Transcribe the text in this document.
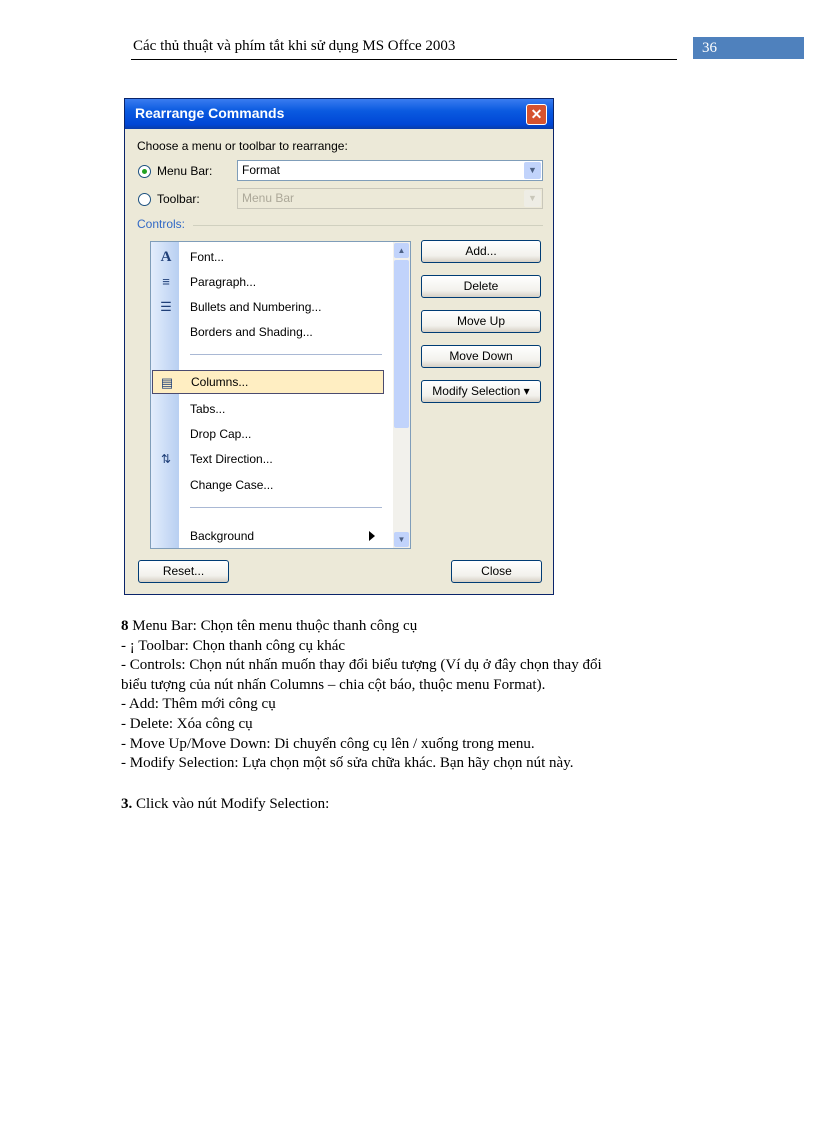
Các thủ thuật và phím tắt khi sử dụng MS Offce 2003	36
Rearrange Commands	✕
Choose a menu or toolbar to rearrange:
Menu Bar:	Format	▼
Toolbar:	Menu Bar	▼
Controls:
A Font...
≡	Paragraph...
☰ Bullets and Numbering...
Borders and Shading...
▤ Columns...
Tabs...
Drop Cap...
⇅	Text Direction...
Change Case...
Background
▲
▼
Add...
Delete
Move Up
Move Down
Modify Selection ▾
Reset...	Close
8 Menu Bar: Chọn tên menu thuộc thanh công cụ
- ¡ Toolbar: Chọn thanh công cụ khác
- Controls: Chọn nút nhấn muốn thay đổi biểu tượng (Ví dụ ở đây chọn thay đổi
biểu tượng của nút nhấn Columns – chia cột báo, thuộc menu Format).
- Add: Thêm mới công cụ
- Delete: Xóa công cụ
- Move Up/Move Down: Di chuyển công cụ lên / xuống trong menu.
- Modify Selection: Lựa chọn một số sửa chữa khác. Bạn hãy chọn nút này.
3. Click vào nút Modify Selection:
